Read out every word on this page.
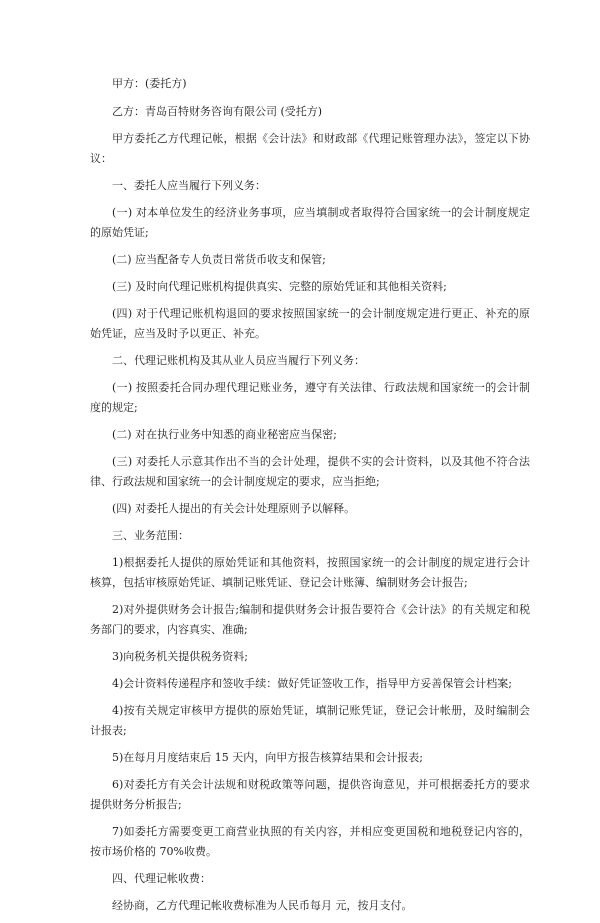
甲方：(委托方)

乙方：青岛百特财务咨询有限公司 (受托方)

甲方委托乙方代理记帐，根据《会计法》和财政部《代理记账管理办法》，签定以下协议：

一、委托人应当履行下列义务：

(一) 对本单位发生的经济业务事项，应当填制或者取得符合国家统一的会计制度规定的原始凭证;

(二) 应当配备专人负责日常货币收支和保管;

(三) 及时向代理记账机构提供真实、完整的原始凭证和其他相关资料;

(四) 对于代理记账机构退回的要求按照国家统一的会计制度规定进行更正、补充的原始凭证，应当及时予以更正、补充。

二、代理记账机构及其从业人员应当履行下列义务：

(一) 按照委托合同办理代理记账业务，遵守有关法律、行政法规和国家统一的会计制度的规定;

(二) 对在执行业务中知悉的商业秘密应当保密;

(三) 对委托人示意其作出不当的会计处理，提供不实的会计资料，以及其他不符合法律、行政法规和国家统一的会计制度规定的要求，应当拒绝;

(四) 对委托人提出的有关会计处理原则予以解释。

三、业务范围：

1)根据委托人提供的原始凭证和其他资料，按照国家统一的会计制度的规定进行会计核算，包括审核原始凭证、填制记账凭证、登记会计账簿、编制财务会计报告;

2)对外提供财务会计报告;编制和提供财务会计报告要符合《会计法》的有关规定和税务部门的要求，内容真实、准确;

3)向税务机关提供税务资料;

4)会计资料传递程序和签收手续：做好凭证签收工作，指导甲方妥善保管会计档案;

4)按有关规定审核甲方提供的原始凭证，填制记账凭证，登记会计帐册，及时编制会计报表;

5)在每月月度结束后 15 天内，向甲方报告核算结果和会计报表;

6)对委托方有关会计法规和财税政策等问题，提供咨询意见，并可根据委托方的要求提供财务分析报告;

7)如委托方需要变更工商营业执照的有关内容，并相应变更国税和地税登记内容的，按市场价格的 70%收费。

四、代理记帐收费：

经协商，乙方代理记帐收费标准为人民币每月 元，按月支付。
